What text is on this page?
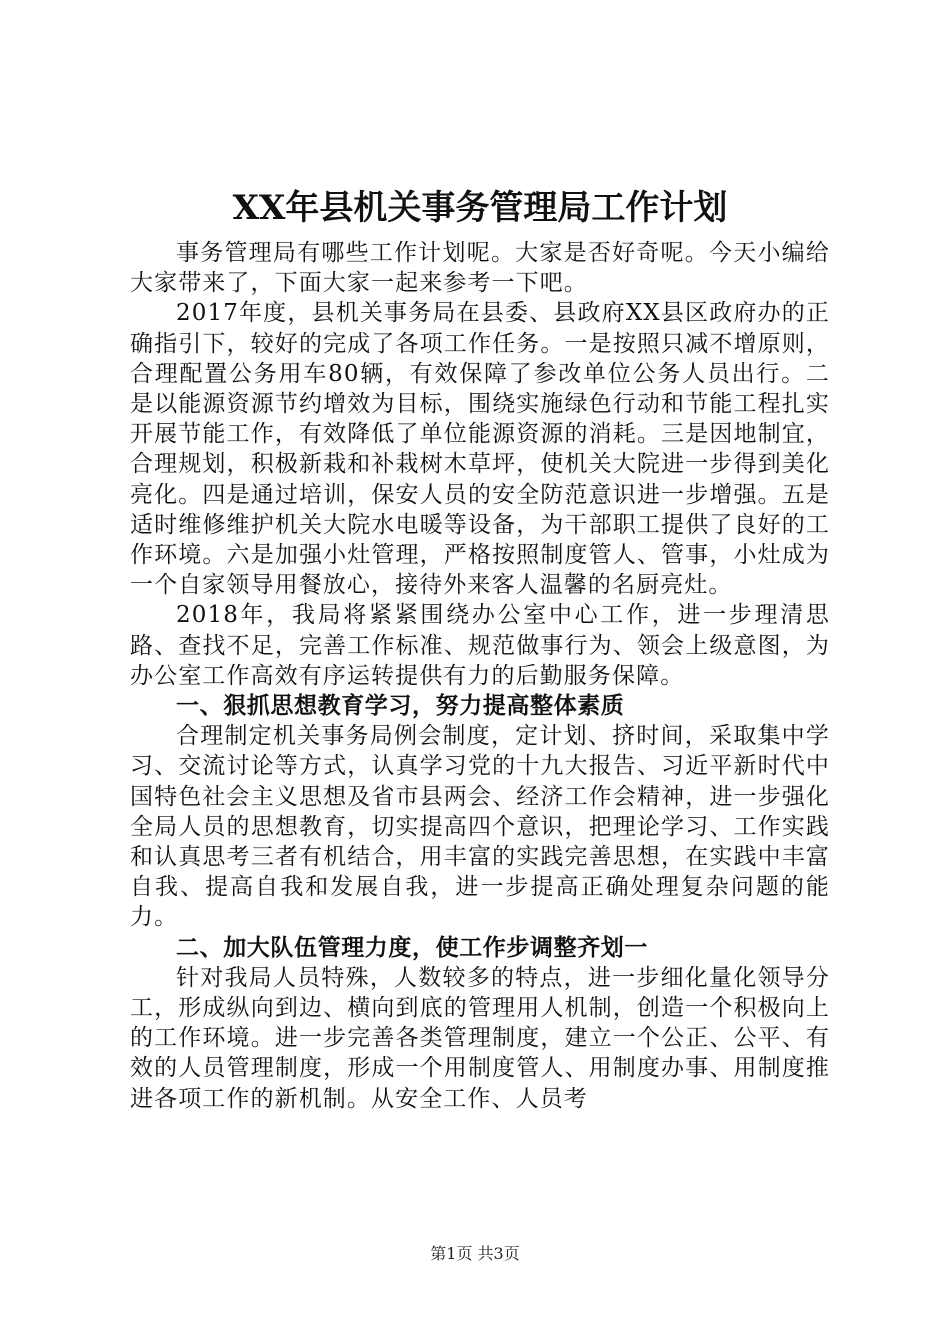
XX年县机关事务管理局工作计划

事务管理局有哪些工作计划呢。大家是否好奇呢。今天小编给大家带来了，下面大家一起来参考一下吧。

2017年度，县机关事务局在县委、县政府XX县区政府办的正确指引下，较好的完成了各项工作任务。一是按照只减不增原则，合理配置公务用车80辆，有效保障了参改单位公务人员出行。二是以能源资源节约增效为目标，围绕实施绿色行动和节能工程扎实开展节能工作，有效降低了单位能源资源的消耗。三是因地制宜，合理规划，积极新栽和补栽树木草坪，使机关大院进一步得到美化亮化。四是通过培训，保安人员的安全防范意识进一步增强。五是适时维修维护机关大院水电暖等设备，为干部职工提供了良好的工作环境。六是加强小灶管理，严格按照制度管人、管事，小灶成为一个自家领导用餐放心，接待外来客人温馨的名厨亮灶。

2018年，我局将紧紧围绕办公室中心工作，进一步理清思路、查找不足，完善工作标准、规范做事行为、领会上级意图，为办公室工作高效有序运转提供有力的后勤服务保障。

一、狠抓思想教育学习，努力提高整体素质

合理制定机关事务局例会制度，定计划、挤时间，采取集中学习、交流讨论等方式，认真学习党的十九大报告、习近平新时代中国特色社会主义思想及省市县两会、经济工作会精神，进一步强化全局人员的思想教育，切实提高四个意识，把理论学习、工作实践和认真思考三者有机结合，用丰富的实践完善思想，在实践中丰富自我、提高自我和发展自我，进一步提高正确处理复杂问题的能力。

二、加大队伍管理力度，使工作步调整齐划一

针对我局人员特殊，人数较多的特点，进一步细化量化领导分工，形成纵向到边、横向到底的管理用人机制，创造一个积极向上的工作环境。进一步完善各类管理制度，建立一个公正、公平、有效的人员管理制度，形成一个用制度管人、用制度办事、用制度推进各项工作的新机制。从安全工作、人员考

第1页 共3页
